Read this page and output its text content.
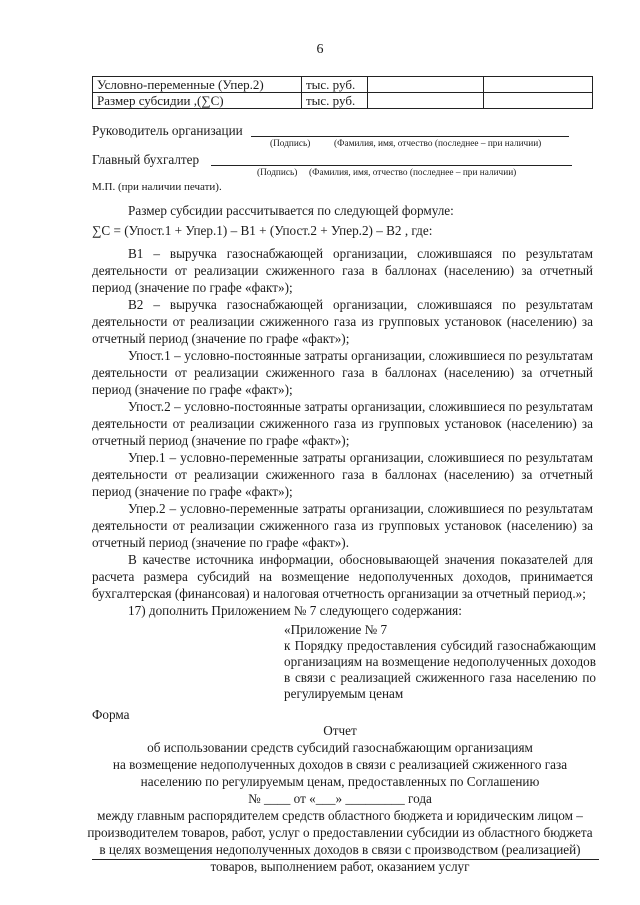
6
Условно-переменные (Упер.2)	тыс. руб.		
Размер субсидии ,(∑С)	тыс. руб.		
Руководитель организации
(Подпись)	(Фамилия, имя, отчество (последнее – при наличии)
Главный бухгалтер
(Подпись) (Фамилия, имя, отчество (последнее – при наличии)
М.П. (при наличии печати).
Размер субсидии рассчитывается по следующей формуле:
∑С = (Упост.1 + Упер.1) – В1 + (Упост.2 + Упер.2) – В2 , где:

В1 – выручка газоснабжающей организации, сложившаяся по результатам деятельности от реализации сжиженного газа в баллонах (населению) за отчетный период (значение по графе «факт»);

В2 – выручка газоснабжающей организации, сложившаяся по результатам деятельности от реализации сжиженного газа из групповых установок (населению) за отчетный период (значение по графе «факт»);

Упост.1 – условно-постоянные затраты организации, сложившиеся по результатам деятельности от реализации сжиженного газа в баллонах (населению) за отчетный период (значение по графе «факт»);

Упост.2 – условно-постоянные затраты организации, сложившиеся по результатам деятельности от реализации сжиженного газа из групповых установок (населению) за отчетный период (значение по графе «факт»);

Упер.1 – условно-переменные затраты организации, сложившиеся по результатам деятельности от реализации сжиженного газа в баллонах (населению) за отчетный период (значение по графе «факт»);

Упер.2 – условно-переменные затраты организации, сложившиеся по результатам деятельности от реализации сжиженного газа из групповых установок (населению) за отчетный период (значение по графе «факт»).

В качестве источника информации, обосновывающей значения показателей для расчета размера субсидий на возмещение недополученных доходов, принимается бухгалтерская (финансовая) и налоговая отчетность организации за отчетный период.»;

17) дополнить Приложением № 7 следующего содержания:

«Приложение № 7

к Порядку предоставления субсидий газоснабжающим организациям на возмещение недополученных доходов в связи с реализацией сжиженного газа населению по регулируемым ценам

Форма

Отчет

об использовании средств субсидий газоснабжающим организациям

на возмещение недополученных доходов в связи с реализацией сжиженного газа

населению по регулируемым ценам, предоставленных по Соглашению

№ ____ от «___» _________ года

между главным распорядителем средств областного бюджета и юридическим лицом –

производителем товаров, работ, услуг о предоставлении субсидии из областного бюджета

в целях возмещения недополученных доходов в связи с производством (реализацией)

товаров, выполнением работ, оказанием услуг
